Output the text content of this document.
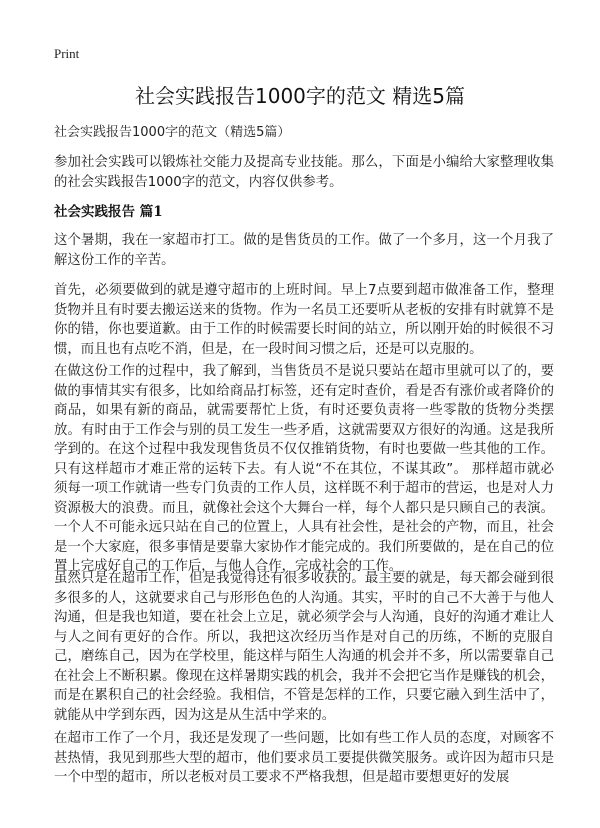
Print
社会实践报告1000字的范文 精选5篇
社会实践报告1000字的范文（精选5篇）
参加社会实践可以锻炼社交能力及提高专业技能。那么，下面是小编给大家整理收集的社会实践报告1000字的范文，内容仅供参考。
社会实践报告 篇1
这个暑期，我在一家超市打工。做的是售货员的工作。做了一个多月，这一个月我了解这份工作的辛苦。
首先，必须要做到的就是遵守超市的上班时间。早上7点要到超市做准备工作，整理货物并且有时要去搬运送来的货物。作为一名员工还要听从老板的安排有时就算不是你的错，你也要道歉。由于工作的时候需要长时间的站立，所以刚开始的时候很不习惯，而且也有点吃不消，但是，在一段时间习惯之后，还是可以克服的。
在做这份工作的过程中，我了解到，当售货员不是说只要站在超市里就可以了的，要做的事情其实有很多，比如给商品打标签，还有定时查价，看是否有涨价或者降价的商品，如果有新的商品，就需要帮忙上货，有时还要负责将一些零散的货物分类摆放。有时由于工作会与别的员工发生一些矛盾，这就需要双方很好的沟通。这是我所学到的。在这个过程中我发现售货员不仅仅推销货物，有时也要做一些其他的工作。只有这样超市才难正常的运转下去。有人说“不在其位，不谋其政”。 那样超市就必须每一项工作就请一些专门负责的工作人员，这样既不利于超市的营运，也是对人力资源极大的浪费。而且，就像社会这个大舞台一样，每个人都只是只顾自己的表演。一个人不可能永远只站在自己的位置上，人具有社会性，是社会的产物，而且，社会是一个大家庭，很多事情是要靠大家协作才能完成的。我们所要做的，是在自己的位置上完成好自己的工作后，与他人合作，完成社会的工作。
虽然只是在超市工作，但是我觉得还有很多收获的。最主要的就是，每天都会碰到很多很多的人，这就要求自己与形形色色的人沟通。其实，平时的自己不大善于与他人沟通，但是我也知道，要在社会上立足，就必须学会与人沟通，良好的沟通才难让人与人之间有更好的合作。所以，我把这次经历当作是对自己的历练，不断的克服自己，磨练自己，因为在学校里，能这样与陌生人沟通的机会并不多，所以需要靠自己在社会上不断积累。像现在这样暑期实践的机会，我并不会把它当作是赚钱的机会，而是在累积自己的社会经验。我相信，不管是怎样的工作，只要它融入到生活中了，就能从中学到东西，因为这是从生活中学来的。
在超市工作了一个月，我还是发现了一些问题，比如有些工作人员的态度，对顾客不甚热情，我见到那些大型的超市，他们要求员工要提供微笑服务。或许因为超市只是一个中型的超市，所以老板对员工要求不严格我想，但是超市要想更好的发展
